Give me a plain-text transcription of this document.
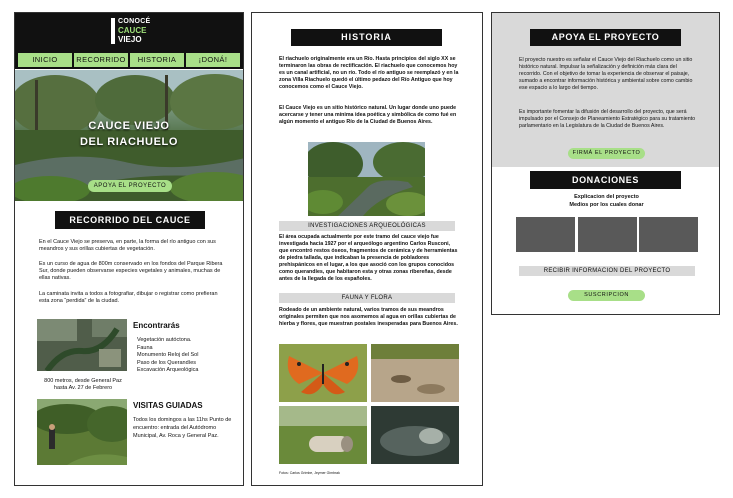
CONOCÉ
CAUCE
VIEJO
INICIO	RECORRIDO	HISTORIA	¡DONÁ!
CAUCE VIEJO
DEL RIACHUELO
APOYA EL PROYECTO
RECORRIDO DEL CAUCE
En el Cauce Viejo se preserva, en parte, la forma del río antiguo con sus meandros y sus orillas cubiertas de vegetación.
Es un curso de agua de 800m conservado en los fondos del Parque Ribera Sur, donde pueden observarse especies vegetales y animales, muchas de ellas nativas.
La caminata invita a todos a fotografiar, dibujar o registrar como prefieran esta zona “perdida” de la ciudad.
800 metros, desde General Paz hasta Av. 27 de Febrero
Encontrarás
Vegetación autóctona.
Fauna
Monumento Reloj del Sol
Paso de los Querandíes
Excavación Arqueológica
VISITAS GUIADAS
Todos los domingos a las 11hs Punto de encuentro: entrada del Autódromo Municipal, Av. Roca y General Paz.
HISTORIA
El riachuelo originalmente era un Río. Hasta principios del siglo XX se terminaron las obras de rectificación. El riachuelo que conocemos hoy es un canal artificial, no un río. Todo el río antiguo se reemplazó y en la zona Villa Riachuelo quedó el último pedazo del Río Antiguo que hoy conocemos como el Cauce Viejo.
El Cauce Viejo es un sitio histórico natural. Un lugar donde uno puede acercarse y tener una mínima idea poética y simbólica de como fué en algún momento el antiguo Río de la Ciudad de Buenos Aires.
INVESTIGACIONES ARQUEOLÓGICAS
El área ocupada actualmente por este tramo del cauce viejo fue investigada hacia 1927 por el arqueólogo argentino Carlos Rusconi, que encontró restos óseos, fragmentos de cerámica y de herramientas de piedra tallada, que indicaban la presencia de pobladores prehispánicos en el lugar, a los que asoció con los grupos conocidos como querandíes, que habitaron esta y otras zonas ribereñas, desde antes de la llegada de los españoles.
FAUNA Y FLORA
Rodeado de un ambiente natural, varios tramos de sus meandros originales permiten que nos asomemos al agua en orillas cubiertas de hierba y flores, que muestran postales inesperadas para Buenos Aires.
Fotos: Carlos Grimbe, Jeymer Gimbrak
APOYA EL PROYECTO
El proyecto nuestro es señalar el Cauce Viejo del Riachuelo como un sitio histórico natural. Impulsar la señalización y definición más clara del recorrido. Con el objetivo de tomar la experiencia de observar el paisaje, sumado a encontrar información histórica y ambiental sobre como cambio ese espacio a lo largo del tiempo.
Es importante fomentar la difusión del desarrollo del proyecto, que será impulsado por el Consejo de Planeamiento Estratégico para su tratamiento parlamentario en la Legislatura de la Ciudad de Buenos Aires.
FIRMÁ EL PROYECTO
DONACIONES
Explicacion del proyecto
Medios por los cuales donar
RECIBIR INFORMACION DEL PROYECTO
SUSCRIPCION
